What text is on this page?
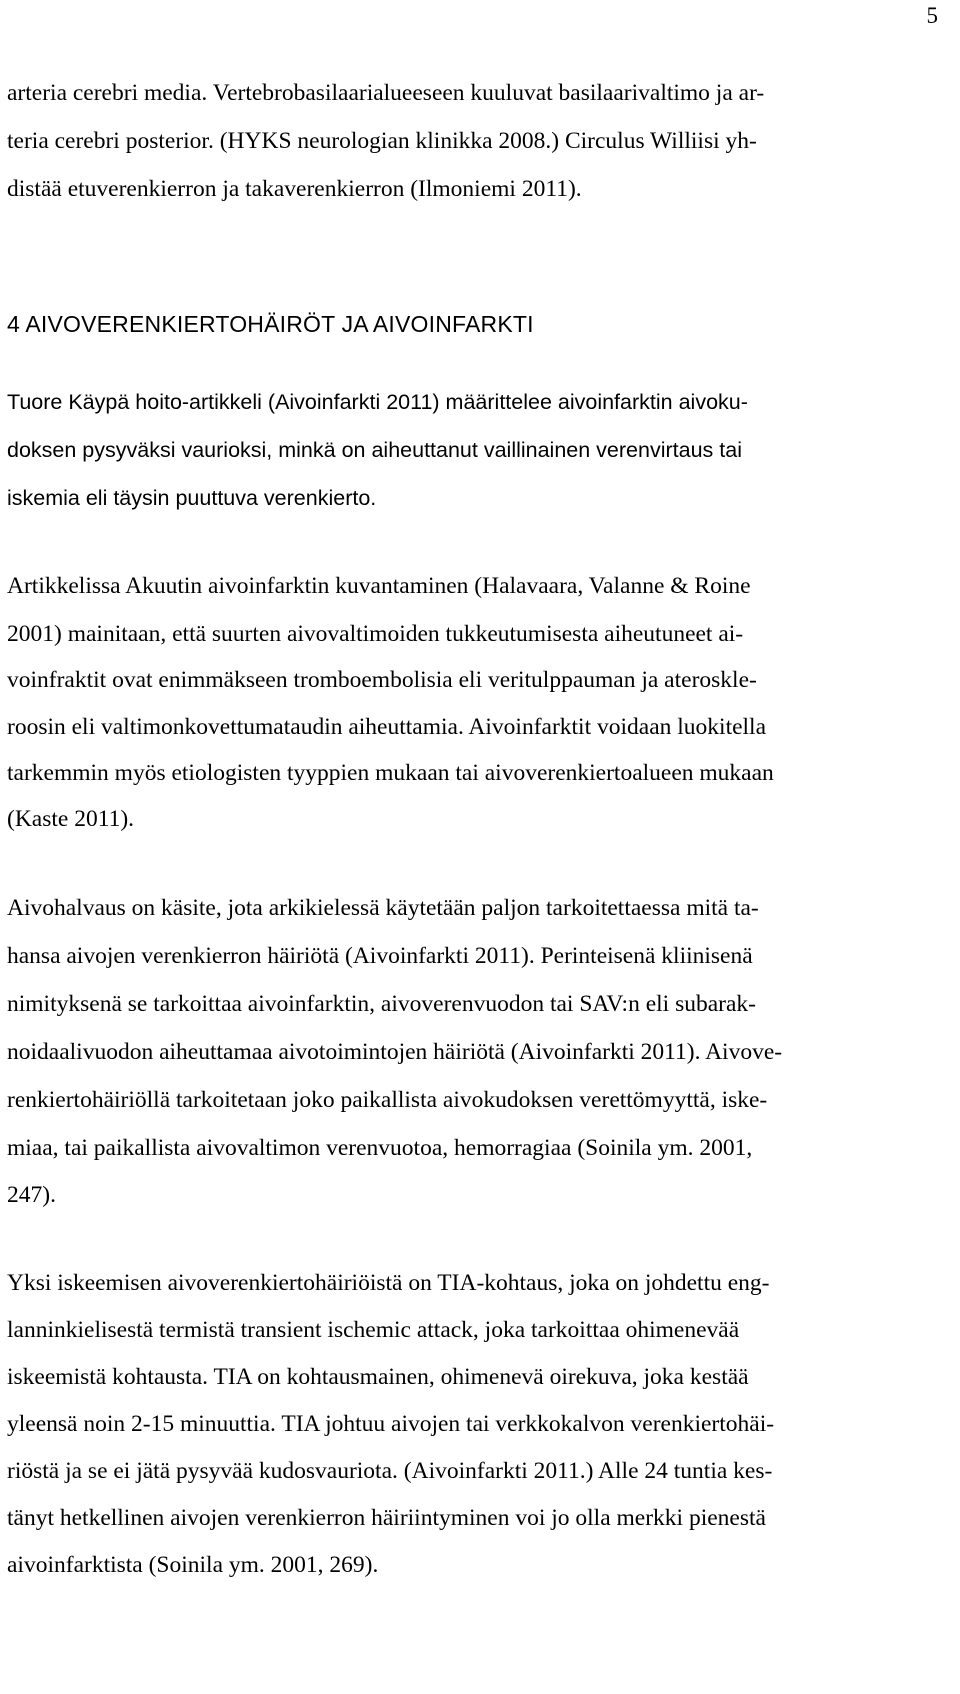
5
arteria cerebri media. Vertebrobasilaarialueeseen kuuluvat basilaarivaltimo ja ar-
teria cerebri posterior. (HYKS neurologian klinikka 2008.) Circulus Williisi yh-
distää etuverenkierron ja takaverenkierron (Ilmoniemi 2011).
4 AIVOVERENKIERTOHÄIRÖT JA AIVOINFARKTI
Tuore Käypä hoito-artikkeli (Aivoinfarkti 2011) määrittelee aivoinfarktin aivoku-
doksen pysyväksi vaurioksi, minkä on aiheuttanut vaillinainen verenvirtaus tai
iskemia eli täysin puuttuva verenkierto.
Artikkelissa Akuutin aivoinfarktin kuvantaminen (Halavaara, Valanne & Roine
2001) mainitaan, että suurten aivovaltimoiden tukkeutumisesta aiheutuneet ai-
voinfraktit ovat enimmäkseen tromboembolisia eli veritulppauman ja ateroskle-
roosin eli valtimonkovettumataudin aiheuttamia. Aivoinfarktit voidaan luokitella
tarkemmin myös etiologisten tyyppien mukaan tai aivoverenkiertoalueen mukaan
(Kaste 2011).
Aivohalvaus on käsite, jota arkikielessä käytetään paljon tarkoitettaessa mitä ta-
hansa aivojen verenkierron häiriötä (Aivoinfarkti 2011). Perinteisenä kliinisenä
nimityksenä se tarkoittaa aivoinfarktin, aivoverenvuodon tai SAV:n eli subarak-
noidaalivuodon aiheuttamaa aivotoimintojen häiriötä (Aivoinfarkti 2011). Aivove-
renkiertohäiriöllä tarkoitetaan joko paikallista aivokudoksen verettömyyttä, iske-
miaa, tai paikallista aivovaltimon verenvuotoa, hemorragiaa (Soinila ym. 2001,
247).
Yksi iskeemisen aivoverenkiertohäiriöistä on TIA-kohtaus, joka on johdettu eng-
lanninkielisestä termistä transient ischemic attack, joka tarkoittaa ohimenevää
iskeemistä kohtausta. TIA on kohtausmainen, ohimenevä oirekuva, joka kestää
yleensä noin 2-15 minuuttia. TIA johtuu aivojen tai verkkokalvon verenkiertohäi-
riöstä ja se ei jätä pysyvää kudosvauriota. (Aivoinfarkti 2011.) Alle 24 tuntia kes-
tänyt hetkellinen aivojen verenkierron häiriintyminen voi jo olla merkki pienestä
aivoinfarktista (Soinila ym. 2001, 269).
